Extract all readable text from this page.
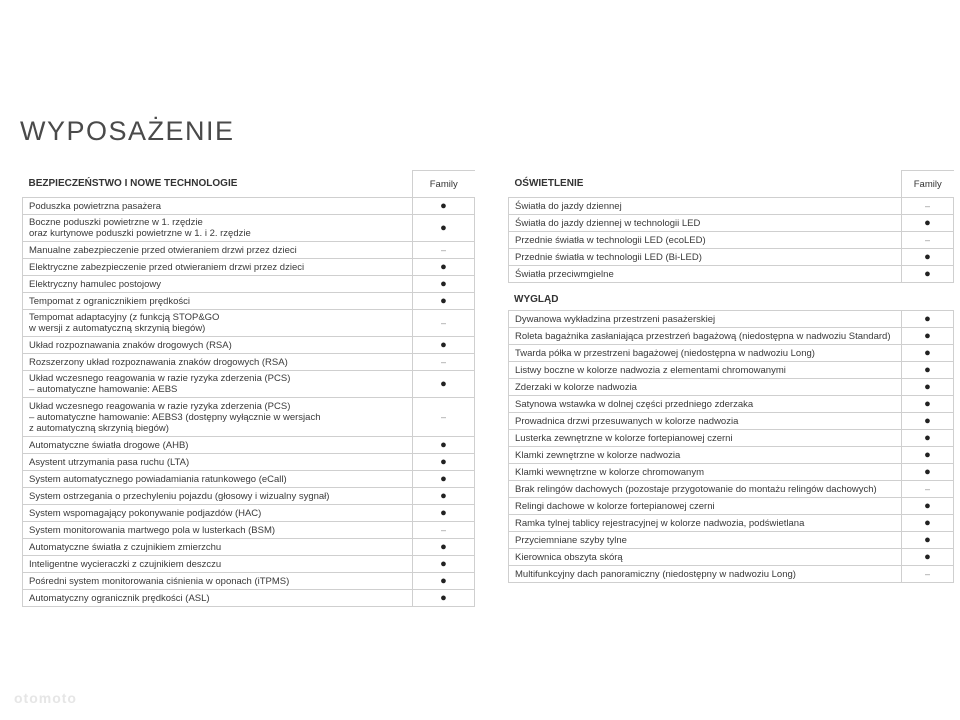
WYPOSAŻENIE
BEZPIECZEŃSTWO I NOWE TECHNOLOGIE	Family
Poduszka powietrzna pasażera	●
Boczne poduszki powietrzne w 1. rzędzie
oraz kurtynowe poduszki powietrzne w 1. i 2. rzędzie	●
Manualne zabezpieczenie przed otwieraniem drzwi przez dzieci	–
Elektryczne zabezpieczenie przed otwieraniem drzwi przez dzieci	●
Elektryczny hamulec postojowy	●
Tempomat z ogranicznikiem prędkości	●
Tempomat adaptacyjny (z funkcją STOP&GO
w wersji z automatyczną skrzynią biegów)	–
Układ rozpoznawania znaków drogowych (RSA)	●
Rozszerzony układ rozpoznawania znaków drogowych (RSA)	–
Układ wczesnego reagowania w razie ryzyka zderzenia (PCS)
– automatyczne hamowanie: AEBS	●
Układ wczesnego reagowania w razie ryzyka zderzenia (PCS)
– automatyczne hamowanie: AEBS3 (dostępny wyłącznie w wersjach
z automatyczną skrzynią biegów)	–
Automatyczne światła drogowe (AHB)	●
Asystent utrzymania pasa ruchu (LTA)	●
System automatycznego powiadamiania ratunkowego (eCall)	●
System ostrzegania o przechyleniu pojazdu (głosowy i wizualny sygnał)	●
System wspomagający pokonywanie podjazdów (HAC)	●
System monitorowania martwego pola w lusterkach (BSM)	–
Automatyczne światła z czujnikiem zmierzchu	●
Inteligentne wycieraczki z czujnikiem deszczu	●
Pośredni system monitorowania ciśnienia w oponach (iTPMS)	●
Automatyczny ogranicznik prędkości (ASL)	●
OŚWIETLENIE	Family
Światła do jazdy dziennej	–
Światła do jazdy dziennej w technologii LED	●
Przednie światła w technologii LED (ecoLED)	–
Przednie światła w technologii LED (Bi-LED)	●
Światła przeciwmgielne	●
WYGLĄD
Dywanowa wykładzina przestrzeni pasażerskiej	●
Roleta bagażnika zasłaniająca przestrzeń bagażową (niedostępna w nadwoziu Standard)	●
Twarda półka w przestrzeni bagażowej (niedostępna w nadwoziu Long)	●
Listwy boczne w kolorze nadwozia z elementami chromowanymi	●
Zderzaki w kolorze nadwozia	●
Satynowa wstawka w dolnej części przedniego zderzaka	●
Prowadnica drzwi przesuwanych w kolorze nadwozia	●
Lusterka zewnętrzne w kolorze fortepianowej czerni	●
Klamki zewnętrzne w kolorze nadwozia	●
Klamki wewnętrzne w kolorze chromowanym	●
Brak relingów dachowych (pozostaje przygotowanie do montażu relingów dachowych)	–
Relingi dachowe w kolorze fortepianowej czerni	●
Ramka tylnej tablicy rejestracyjnej w kolorze nadwozia, podświetlana	●
Przyciemniane szyby tylne	●
Kierownica obszyta skórą	●
Multifunkcyjny dach panoramiczny (niedostępny w nadwoziu Long)	–
otomoto
